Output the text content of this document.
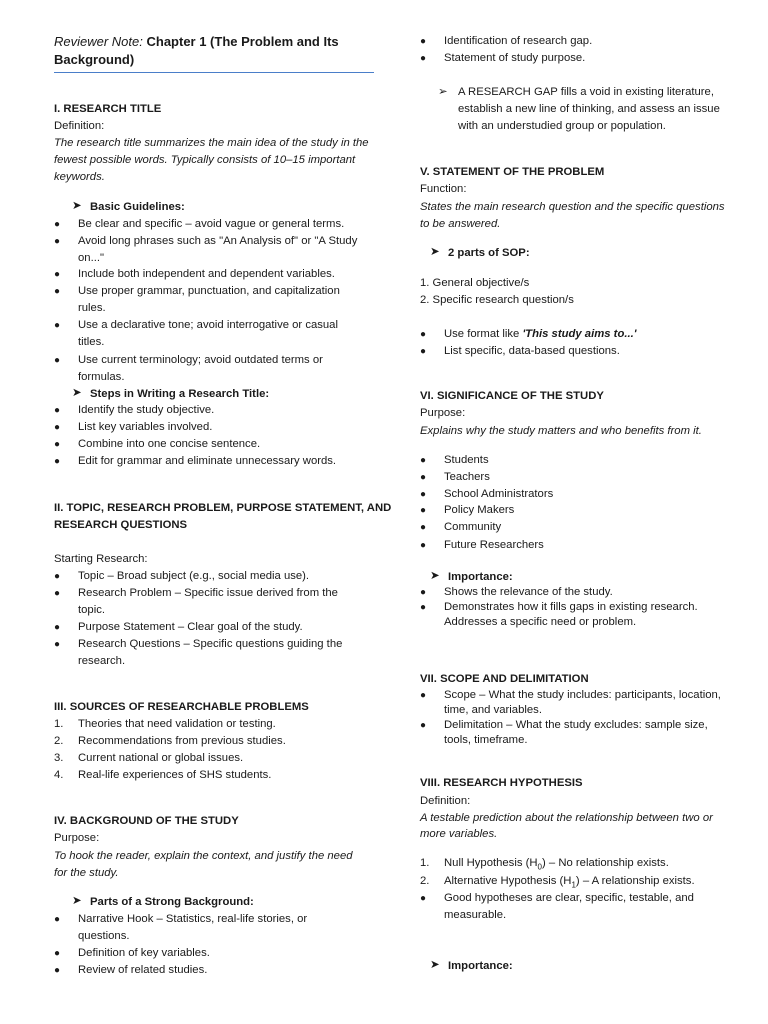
Reviewer Note: Chapter 1 (The Problem and Its Background)
I. RESEARCH TITLE
Definition:
The research title summarizes the main idea of the study in the
fewest possible words. Typically consists of 10–15 important
keywords.
➤ Basic Guidelines:
●	Be clear and specific – avoid vague or general terms.
●	Avoid long phrases such as "An Analysis of" or "A Study
on..."
●	Include both independent and dependent variables.
●	Use proper grammar, punctuation, and capitalization
rules.
●	Use a declarative tone; avoid interrogative or casual
titles.
●	Use current terminology; avoid outdated terms or
formulas.
➤ Steps in Writing a Research Title:
●	Identify the study objective.
●	List key variables involved.
●	Combine into one concise sentence.
●	Edit for grammar and eliminate unnecessary words.
II. TOPIC, RESEARCH PROBLEM, PURPOSE STATEMENT, AND
RESEARCH QUESTIONS
Starting Research:
●	Topic – Broad subject (e.g., social media use).
●	Research Problem – Specific issue derived from the
topic.
●	Purpose Statement – Clear goal of the study.
●	Research Questions – Specific questions guiding the
research.
III. SOURCES OF RESEARCHABLE PROBLEMS
1. Theories that need validation or testing.
2. Recommendations from previous studies.
3. Current national or global issues.
4. Real-life experiences of SHS students.
IV. BACKGROUND OF THE STUDY
Purpose:
To hook the reader, explain the context, and justify the need
for the study.
➤ Parts of a Strong Background:
●	Narrative Hook – Statistics, real-life stories, or
questions.
●	Definition of key variables.
●	Review of related studies.
●	Identification of research gap.
●	Statement of study purpose.
➢ A RESEARCH GAP fills a void in existing literature,
establish a new line of thinking, and assess an issue
with an understudied group or population.
V. STATEMENT OF THE PROBLEM
Function:
States the main research question and the specific questions
to be answered.
➤ 2 parts of SOP:
1. General objective/s
2. Specific research question/s
●	Use format like 'This study aims to...'
●	List specific, data-based questions.
VI. SIGNIFICANCE OF THE STUDY
Purpose:
Explains why the study matters and who benefits from it.
●	Students
●	Teachers
●	School Administrators
●	Policy Makers
●	Community
●	Future Researchers
➤ Importance:
●	Shows the relevance of the study.
●	Demonstrates how it fills gaps in existing research.
Addresses a specific need or problem.
VII. SCOPE AND DELIMITATION
●	Scope – What the study includes: participants, location,
time, and variables.
●	Delimitation – What the study excludes: sample size,
tools, timeframe.
VIII. RESEARCH HYPOTHESIS
Definition:
A testable prediction about the relationship between two or
more variables.
1. Null Hypothesis $(H_0)$ – No relationship exists.
2. Alternative Hypothesis $(H_1)$ – A relationship exists.
●	Good hypotheses are clear, specific, testable, and
measurable.
➤ Importance:
